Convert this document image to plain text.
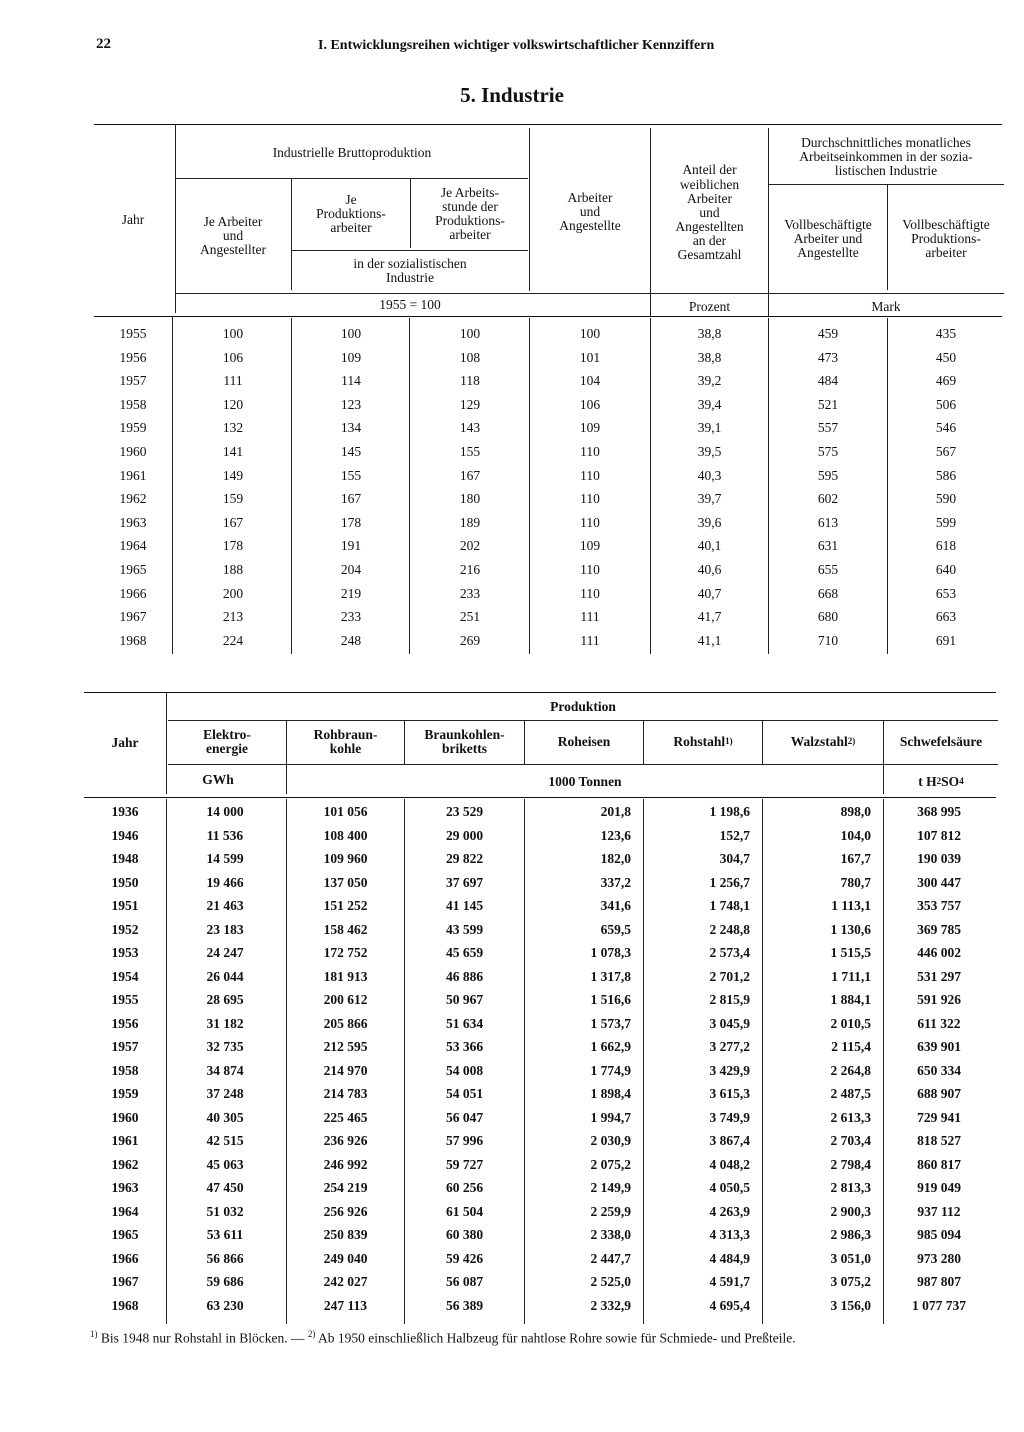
22	I. Entwicklungsreihen wichtiger volkswirtschaftlicher Kennziffern
5. Industrie
Jahr
Industrielle Bruttoproduktion
Je Arbeiter
und
Angestellter
Je
Produktions-
arbeiter
Je Arbeits-
stunde der
Produktions-
arbeiter
in der sozialistischen
Industrie
Arbeiter
und
Angestellte
Anteil der
weiblichen
Arbeiter
und
Angestellten
an der
Gesamtzahl
Durchschnittliches monatliches
Arbeitseinkommen in der sozia-
listischen Industrie
Vollbeschäftigte
Arbeiter und
Angestellte
Vollbeschäftigte
Produktions-
arbeiter
1955 = 100	Prozent	Mark
1955	100	100	100	100	38,8	459	435
1956	106	109	108	101	38,8	473	450
1957	111	114	118	104	39,2	484	469
1958	120	123	129	106	39,4	521	506
1959	132	134	143	109	39,1	557	546
1960	141	145	155	110	39,5	575	567
1961	149	155	167	110	40,3	595	586
1962	159	167	180	110	39,7	602	590
1963	167	178	189	110	39,6	613	599
1964	178	191	202	109	40,1	631	618
1965	188	204	216	110	40,6	655	640
1966	200	219	233	110	40,7	668	653
1967	213	233	251	111	41,7	680	663
1968	224	248	269	111	41,1	710	691
Jahr
Produktion
Elektro-
energie
Rohbraun-
kohle
Braunkohlen-
briketts	Roheisen	Rohstahl 1)	Walzstahl 2)	Schwefelsäure
GWh	1000 Tonnen	t H 2 SO 4
1936	14 000	101 056	23 529	201,8	1 198,6	898,0	368 995
1946	11 536	108 400	29 000	123,6	152,7	104,0	107 812
1948	14 599	109 960	29 822	182,0	304,7	167,7	190 039
1950	19 466	137 050	37 697	337,2	1 256,7	780,7	300 447
1951	21 463	151 252	41 145	341,6	1 748,1	1 113,1	353 757
1952	23 183	158 462	43 599	659,5	2 248,8	1 130,6	369 785
1953	24 247	172 752	45 659	1 078,3	2 573,4	1 515,5	446 002
1954	26 044	181 913	46 886	1 317,8	2 701,2	1 711,1	531 297
1955	28 695	200 612	50 967	1 516,6	2 815,9	1 884,1	591 926
1956	31 182	205 866	51 634	1 573,7	3 045,9	2 010,5	611 322
1957	32 735	212 595	53 366	1 662,9	3 277,2	2 115,4	639 901
1958	34 874	214 970	54 008	1 774,9	3 429,9	2 264,8	650 334
1959	37 248	214 783	54 051	1 898,4	3 615,3	2 487,5	688 907
1960	40 305	225 465	56 047	1 994,7	3 749,9	2 613,3	729 941
1961	42 515	236 926	57 996	2 030,9	3 867,4	2 703,4	818 527
1962	45 063	246 992	59 727	2 075,2	4 048,2	2 798,4	860 817
1963	47 450	254 219	60 256	2 149,9	4 050,5	2 813,3	919 049
1964	51 032	256 926	61 504	2 259,9	4 263,9	2 900,3	937 112
1965	53 611	250 839	60 380	2 338,0	4 313,3	2 986,3	985 094
1966	56 866	249 040	59 426	2 447,7	4 484,9	3 051,0	973 280
1967	59 686	242 027	56 087	2 525,0	4 591,7	3 075,2	987 807
1968	63 230	247 113	56 389	2 332,9	4 695,4	3 156,0	1 077 737
$^{1)}$ Bis 1948 nur Rohstahl in Blöcken. — $^{2)}$ Ab 1950 einschließlich Halbzeug für nahtlose Rohre sowie für Schmiede- und Preßteile.
